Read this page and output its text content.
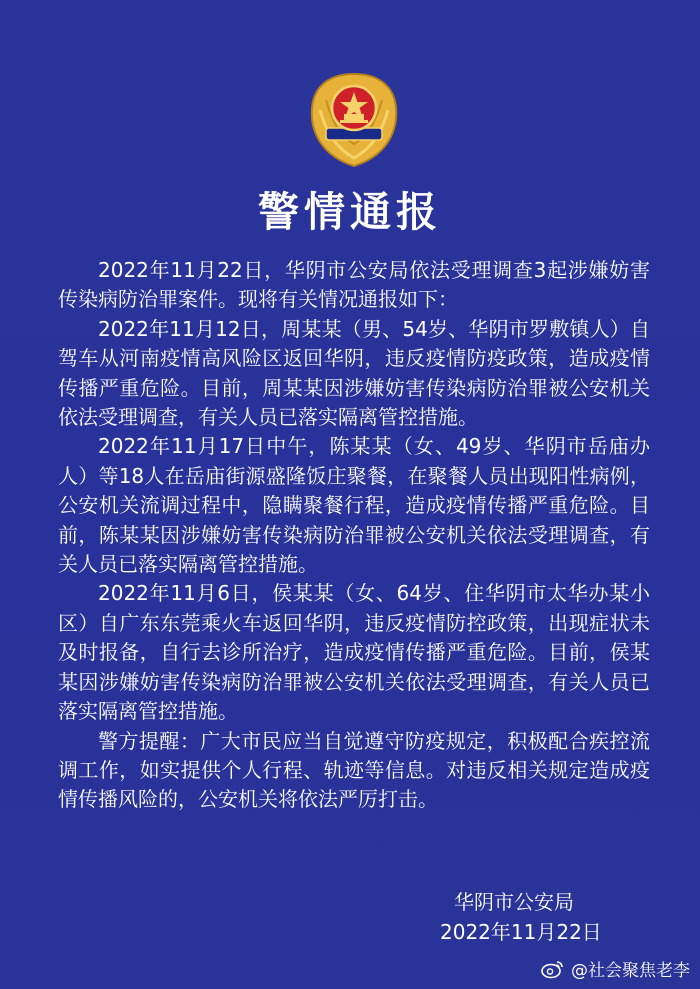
警情通报

2022年11月22日，华阴市公安局依法受理调查3起涉嫌妨害传染病防治罪案件。现将有关情况通报如下：

2022年11月12日，周某某（男、54岁、华阴市罗敷镇人）自驾车从河南疫情高风险区返回华阴，违反疫情防疫政策，造成疫情传播严重危险。目前，周某某因涉嫌妨害传染病防治罪被公安机关依法受理调查，有关人员已落实隔离管控措施。

2022年11月17日中午，陈某某（女、49岁、华阴市岳庙办人）等18人在岳庙街源盛隆饭庄聚餐，在聚餐人员出现阳性病例，公安机关流调过程中，隐瞒聚餐行程，造成疫情传播严重危险。目前，陈某某因涉嫌妨害传染病防治罪被公安机关依法受理调查，有关人员已落实隔离管控措施。

2022年11月6日，侯某某（女、64岁、住华阴市太华办某小区）自广东东莞乘火车返回华阴，违反疫情防控政策，出现症状未及时报备，自行去诊所治疗，造成疫情传播严重危险。目前，侯某某因涉嫌妨害传染病防治罪被公安机关依法受理调查，有关人员已落实隔离管控措施。

警方提醒：广大市民应当自觉遵守防疫规定，积极配合疾控流调工作，如实提供个人行程、轨迹等信息。对违反相关规定造成疫情传播风险的，公安机关将依法严厉打击。

华阴市公安局
2022年11月22日
@社会聚焦老李
